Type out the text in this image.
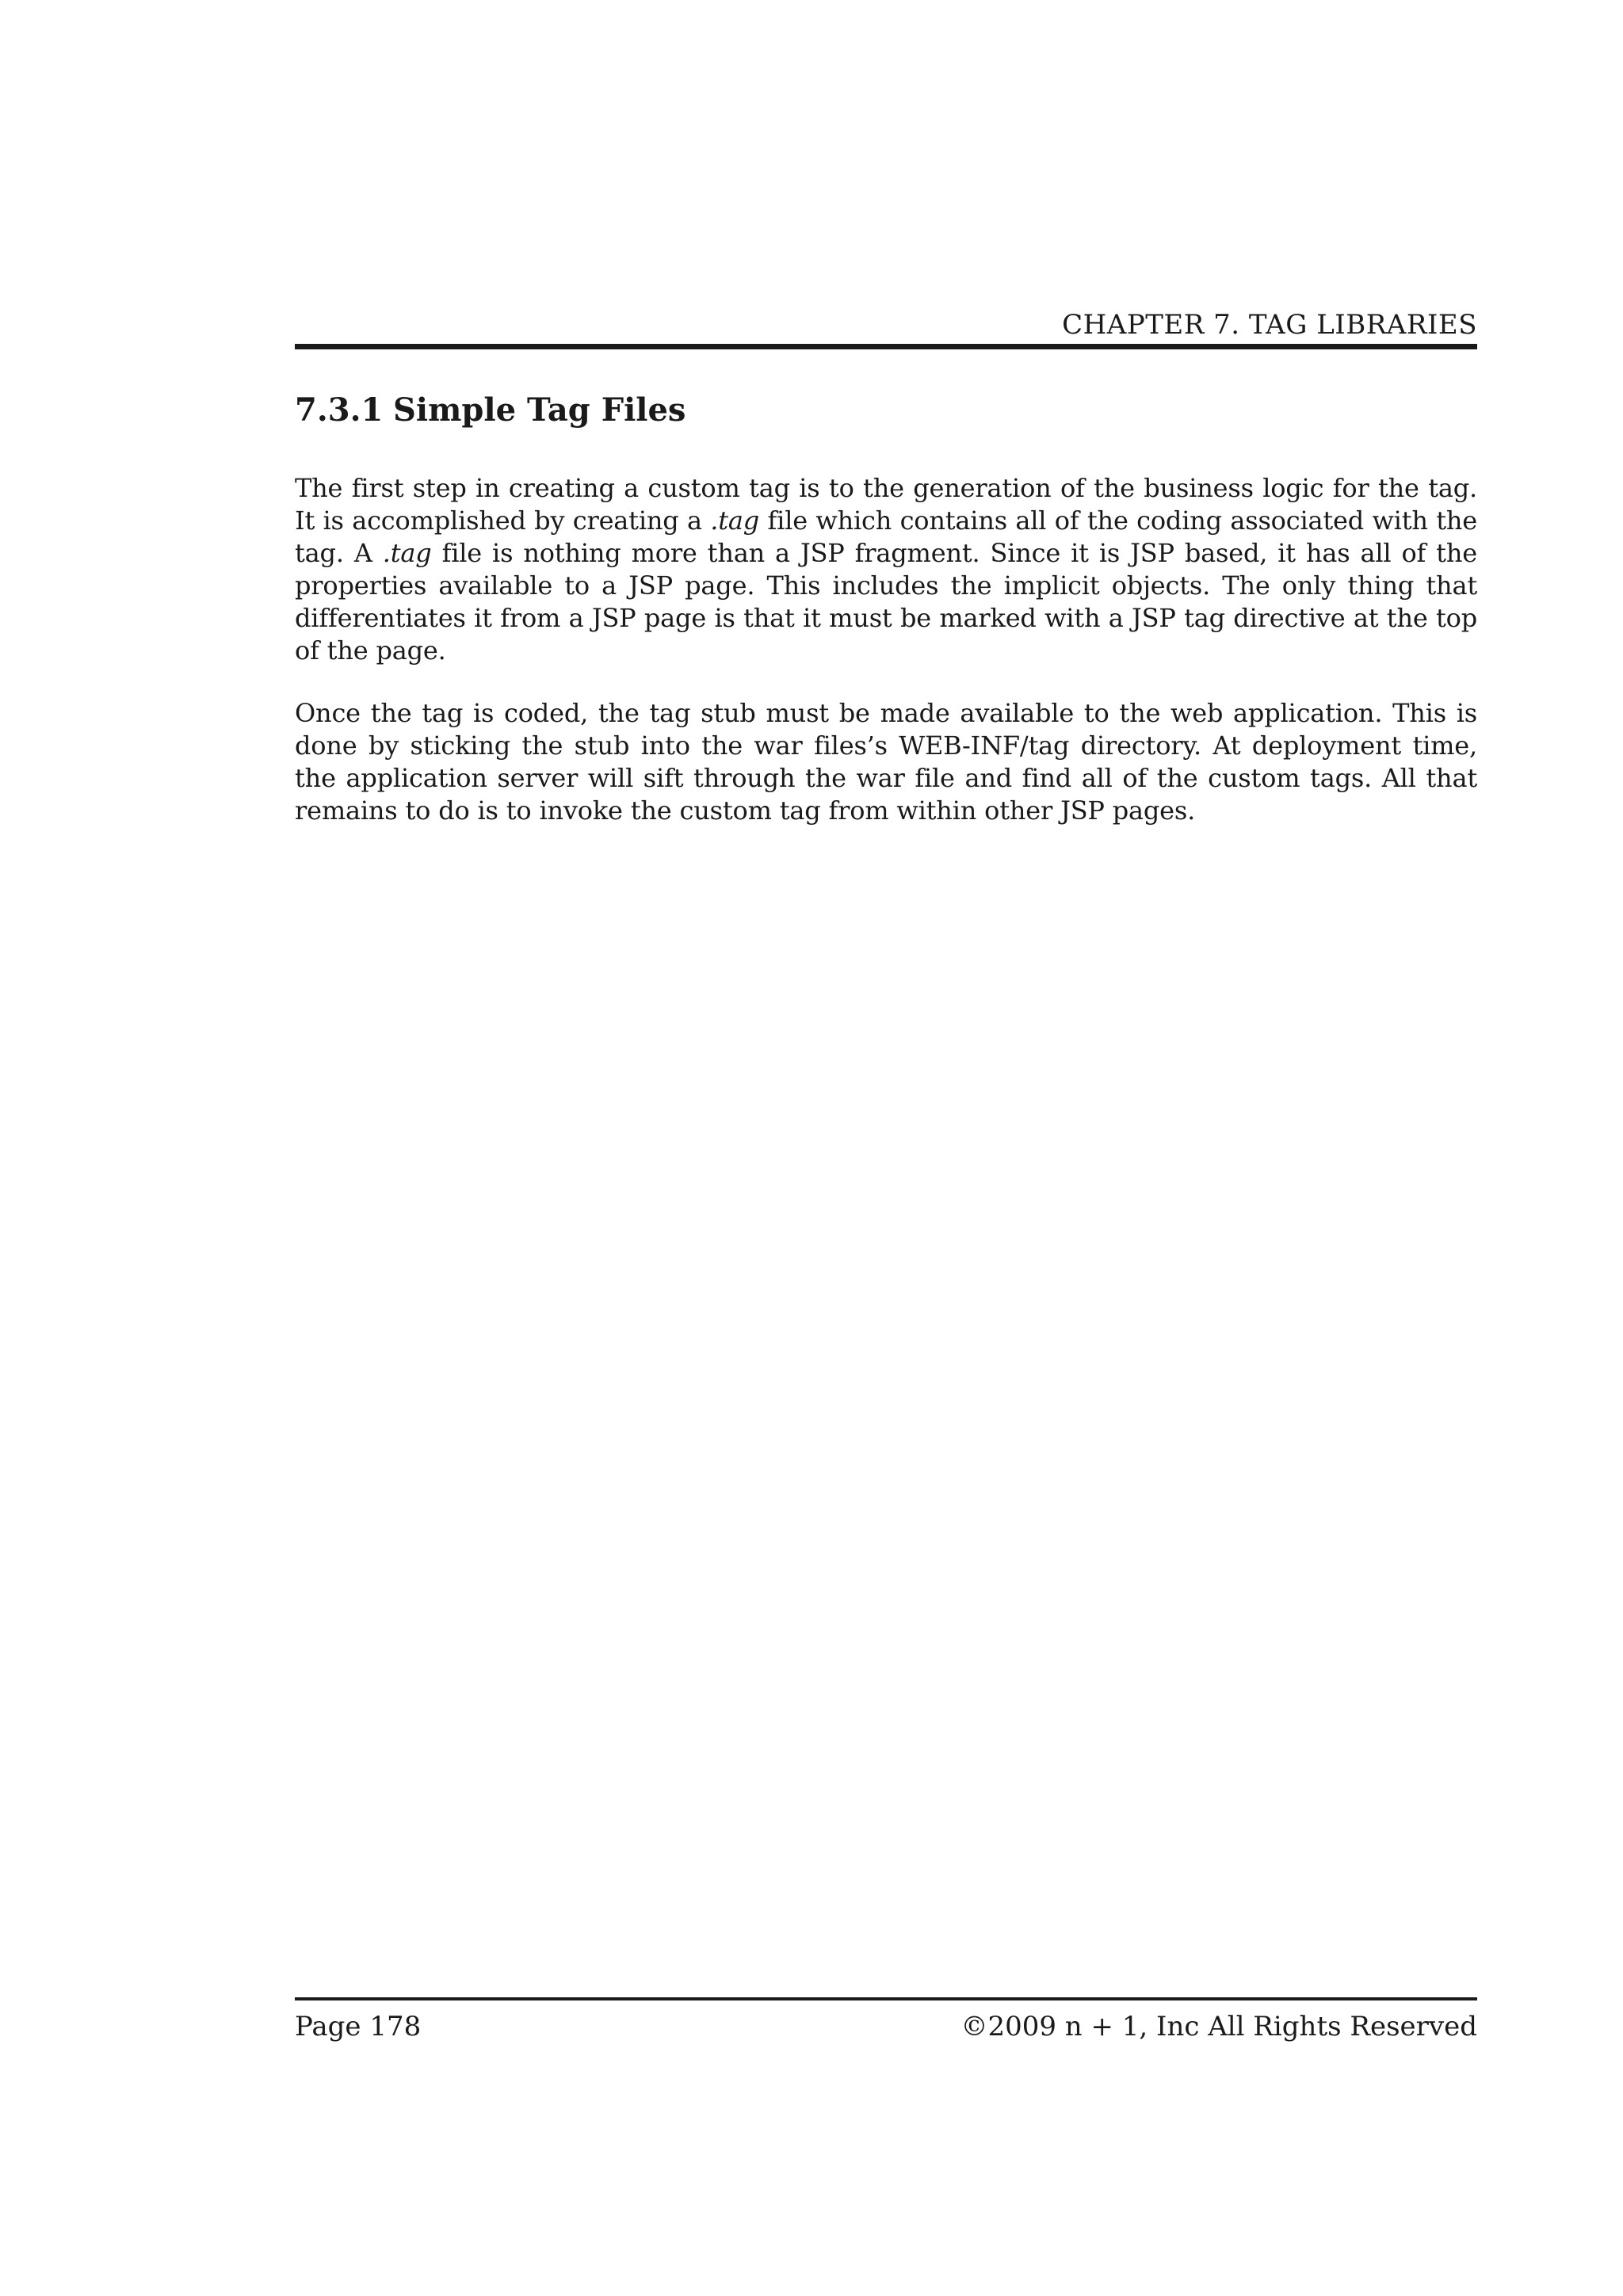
CHAPTER 7. TAG LIBRARIES
7.3.1 Simple Tag Files

The first step in creating a custom tag is to the generation of the business logic for the tag. It is accomplished by creating a .tag file which contains all of the coding associated with the tag. A .tag file is nothing more than a JSP fragment. Since it is JSP based, it has all of the properties available to a JSP page. This includes the implicit objects. The only thing that differentiates it from a JSP page is that it must be marked with a JSP tag directive at the top of the page.

Once the tag is coded, the tag stub must be made available to the web application. This is done by sticking the stub into the war files’s WEB-INF/tag directory. At deployment time, the application server will sift through the war file and find all of the custom tags. All that remains to do is to invoke the custom tag from within other JSP pages.

Page 178	©2009 n + 1, Inc All Rights Reserved
